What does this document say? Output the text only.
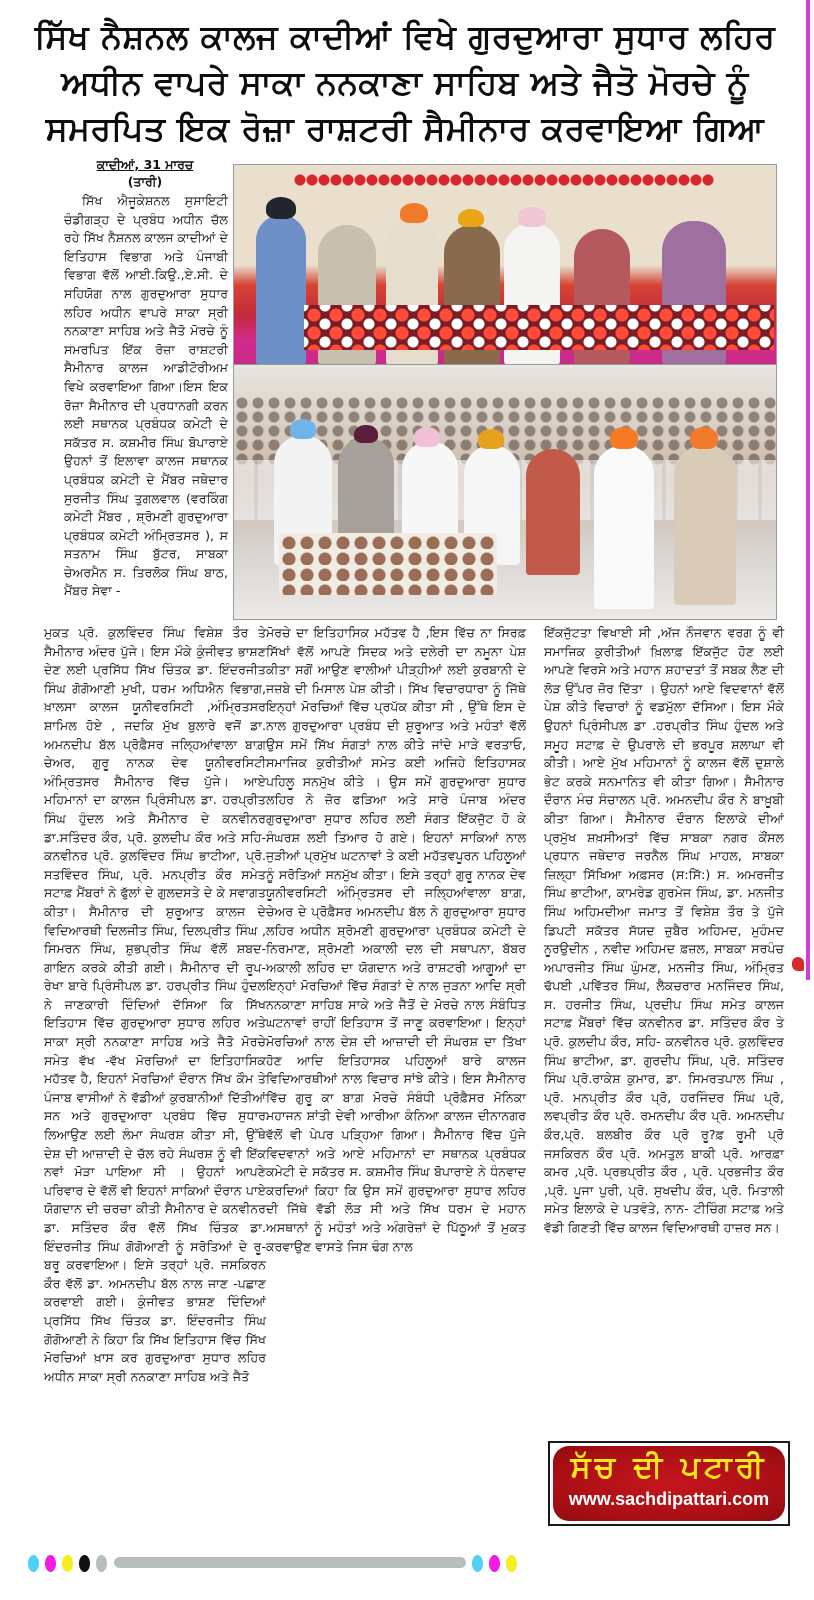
ਸਿੱਖ ਨੈਸ਼ਨਲ ਕਾਲਜ ਕਾਦੀਆਂ ਵਿਖੇ ਗੁਰਦੁਆਰਾ ਸੁਧਾਰ ਲਹਿਰ
ਅਧੀਨ ਵਾਪਰੇ ਸਾਕਾ ਨਨਕਾਣਾ ਸਾਹਿਬ ਅਤੇ ਜੈਤੋ ਮੋਰਚੇ ਨੂੰ
ਸਮਰਪਿਤ ਇਕ ਰੋਜ਼ਾ ਰਾਸ਼ਟਰੀ ਸੈਮੀਨਾਰ ਕਰਵਾਇਆ ਗਿਆ
ਕਾਦੀਆਂ, 31 ਮਾਰਚ
(ਤਾਰੀ)

ਸਿੱਖ ਐਜੂਕੇਸ਼ਨਲ ਸੁਸਾਇਟੀ ਚੰਡੀਗੜ੍ਹ ਦੇ ਪ੍ਰਬੰਧ ਅਧੀਨ ਚੱਲ ਰਹੇ ਸਿੱਖ ਨੈਸ਼ਨਲ ਕਾਲਜ ਕਾਦੀਆਂ ਦੇ ਇਤਿਹਾਸ ਵਿਭਾਗ ਅਤੇ ਪੰਜਾਬੀ ਵਿਭਾਗ ਵੱਲੋਂ ਆਈ.ਕਿਉ.,ਏ.ਸੀ. ਦੇ ਸਹਿਯੋਗ ਨਾਲ ਗੁਰਦੁਆਰਾ ਸੁਧਾਰ ਲਹਿਰ ਅਧੀਨ ਵਾਪਰੇ ਸਾਕਾ ਸ੍ਰੀ ਨਨਕਾਣਾ ਸਾਹਿਬ ਅਤੇ ਜੈਤੋ ਮੋਰਚੇ ਨੂੰ ਸਮਰਪਿਤ ਇੱਕ ਰੋਜ਼ਾ ਰਾਸ਼ਟਰੀ ਸੈਮੀਨਾਰ ਕਾਲਜ ਆਡੀਟੋਰੀਅਮ ਵਿਖੇ ਕਰਵਾਇਆ ਗਿਆ।ਇਸ ਇਕ ਰੋਜ਼ਾ ਸੈਮੀਨਾਰ ਦੀ ਪ੍ਰਧਾਨਗੀ ਕਰਨ ਲਈ ਸਥਾਨਕ ਪ੍ਰਬੰਧਕ ਕਮੇਟੀ ਦੇ ਸਕੱਤਰ ਸ. ਕਸ਼ਮੀਰ ਸਿੰਘ ਬੋਪਾਰਾਏ ਉਹਨਾਂ ਤੋਂ ਇਲਾਵਾ ਕਾਲਜ ਸਥਾਨਕ ਪ੍ਰਬੰਧਕ ਕਮੇਟੀ ਦੇ ਮੈਂਬਰ ਜਥੇਦਾਰ ਸੁਰਜੀਤ ਸਿੰਘ ਤੁਗਲਵਾਲ (ਵਰਕਿੰਗ ਕਮੇਟੀ ਮੈਂਬਰ , ਸ਼੍ਰੋਮਣੀ ਗੁਰਦੁਆਰਾ ਪ੍ਰਬੰਧਕ ਕਮੇਟੀ ਅੰਮ੍ਰਿਤਸਰ ), ਸ ਸਤਨਾਮ ਸਿੰਘ ਬੁੱਟਰ, ਸਾਬਕਾ ਚੇਅਰਮੈਨ ਸ. ਤਿਰਲੋਕ ਸਿੰਘ ਬਾਠ, ਮੈਂਬਰ ਸੇਵਾ -

ਮੁਕਤ ਪ੍ਰੋ. ਕੁਲਵਿੰਦਰ ਸਿੰਘ ਵਿਸ਼ੇਸ਼ ਤੌਰ ਤੇ ਸੈਮੀਨਾਰ ਅੰਦਰ ਪੁੱਜੇ। ਇਸ ਮੌਕੇ ਕੁੰਜੀਵਤ ਭਾਸ਼ਣ ਦੇਣ ਲਈ ਪ੍ਰਸਿੱਧ ਸਿੱਖ ਚਿੰਤਕ ਡਾ. ਇੰਦਰਜੀਤ ਸਿੰਘ ਗੋਗੋਆਣੀ ਮੁਖੀ, ਧਰਮ ਅਧਿਐਨ ਵਿਭਾਗ, ਖ਼ਾਲਸਾ ਕਾਲਜ ਯੂਨੀਵਰਸਿਟੀ ,ਅੰਮ੍ਰਿਤਸਰ ਸ਼ਾਮਿਲ ਹੋਏ , ਜਦਕਿ ਮੁੱਖ ਬੁਲਾਰੇ ਵਜੋਂ ਡਾ. ਅਮਨਦੀਪ ਬੱਲ ਪ੍ਰੋਫ਼ੈਸਰ ਜਲ੍ਹਿਆਂਵਾਲਾ ਬਾਗ਼ ਚੇਅਰ, ਗੁਰੂ ਨਾਨਕ ਦੇਵ ਯੂਨੀਵਰਸਿਟੀ ਅੰਮ੍ਰਿਤਸਰ ਸੈਮੀਨਾਰ ਵਿੱਚ ਪੁੱਜੇ। ਆਏ ਮਹਿਮਾਨਾਂ ਦਾ ਕਾਲਜ ਪ੍ਰਿੰਸੀਪਲ ਡਾ. ਹਰਪ੍ਰੀਤ ਸਿੰਘ ਹੁੰਦਲ ਅਤੇ ਸੈਮੀਨਾਰ ਦੇ ਕਨਵੀਨਰ ਡਾ.ਸਤਿੰਦਰ ਕੌਰ, ਪ੍ਰੋ. ਕੁਲਦੀਪ ਕੌਰ ਅਤੇ ਸਹਿ- ਕਨਵੀਨਰ ਪ੍ਰੋ. ਕੁਲਵਿੰਦਰ ਸਿੰਘ ਭਾਟੀਆ, ਪ੍ਰੋ. ਸਤਵਿੰਦਰ ਸਿੰਘ, ਪ੍ਰੋ. ਮਨਪ੍ਰੀਤ ਕੌਰ ਸਮੇਤ ਸਟਾਫ਼ ਮੈਂਬਰਾਂ ਨੇ ਫੁੱਲਾਂ ਦੇ ਗੁਲਦਸਤੇ ਦੇ ਕੇ ਸਵਾਗਤ ਕੀਤਾ। ਸੈਮੀਨਾਰ ਦੀ ਸ਼ੁਰੂਆਤ ਕਾਲਜ ਦੇ ਵਿਦਿਆਰਥੀ ਦਿਲਜੀਤ ਸਿੰਘ, ਦਿਲਪ੍ਰੀਤ ਸਿੰਘ , ਸਿਮਰਨ ਸਿੰਘ, ਸ਼ੁਭਪ੍ਰੀਤ ਸਿੰਘ ਵੱਲੋਂ ਸ਼ਬਦ- ਗਾਇਨ ਕਰਕੇ ਕੀਤੀ ਗਈ। ਸੈਮੀਨਾਰ ਦੀ ਰੂਪ- ਰੇਖਾ ਬਾਰੇ ਪ੍ਰਿੰਸੀਪਲ ਡਾ. ਹਰਪ੍ਰੀਤ ਸਿੰਘ ਹੁੰਦਲ ਨੇ ਜਾਣਕਾਰੀ ਦਿੰਦਿਆਂ ਦੱਸਿਆ ਕਿ ਸਿੱਖ ਇਤਿਹਾਸ ਵਿੱਚ ਗੁਰਦੁਆਰਾ ਸੁਧਾਰ ਲਹਿਰ ਅਤੇ ਸਾਕਾ ਸ੍ਰੀ ਨਨਕਾਣਾ ਸਾਹਿਬ ਅਤੇ ਜੈਤੋ ਮੋਰਚੇ ਸਮੇਤ ਵੱਖ -ਵੱਖ ਮੋਰਚਿਆਂ ਦਾ ਇਤਿਹਾਸਿਕ ਮਹੱਤਵ ਹੈ, ਇਹਨਾਂ ਮੋਰਚਿਆਂ ਦੌਰਾਨ ਸਿੱਖ ਕੌਮ ਤੇ ਪੰਜਾਬ ਵਾਸੀਆਂ ਨੇ ਵੱਡੀਆਂ ਕੁਰਬਾਨੀਆਂ ਦਿੱਤੀਆਂ ਸਨ ਅਤੇ ਗੁਰਦੁਆਰਾ ਪ੍ਰਬੰਧ ਵਿੱਚ ਸੁਧਾਰ ਲਿਆਉਣ ਲਈ ਲੰਮਾ ਸੰਘਰਸ਼ ਕੀਤਾ ਸੀ, ਉੱਥੇ ਦੇਸ਼ ਦੀ ਆਜ਼ਾਦੀ ਦੇ ਚੱਲ ਰਹੇ ਸੰਘਰਸ਼ ਨੂੰ ਵੀ ਇੱਕ ਨਵਾਂ ਮੋੜਾ ਪਾਇਆ ਸੀ । ਉਹਨਾਂ ਆਪਣੇ ਪਰਿਵਾਰ ਦੇ ਵੱਲੋਂ ਵੀ ਇਹਨਾਂ ਸਾਕਿਆਂ ਦੌਰਾਨ ਪਾਏ ਯੋਗਦਾਨ ਦੀ ਚਰਚਾ ਕੀਤੀ ਸੈਮੀਨਾਰ ਦੇ ਕਨਵੀਨਰ ਡਾ. ਸਤਿੰਦਰ ਕੌਰ ਵੱਲੋਂ ਸਿੱਖ ਚਿੰਤਕ ਡਾ. ਇੰਦਰਜੀਤ ਸਿੰਘ ਗੋਗੋਆਣੀ ਨੂੰ ਸਰੋਤਿਆਂ ਦੇ ਰੂ-ਬਰੂ ਕਰਵਾਇਆ। ਇਸੇ ਤਰ੍ਹਾਂ ਪ੍ਰੋ. ਜਸਕਿਰਨ ਕੌਰ ਵੱਲੋਂ ਡਾ. ਅਮਨਦੀਪ ਬੱਲ ਨਾਲ ਜਾਣ -ਪਛਾਣ ਕਰਵਾਈ ਗਈ। ਕੁੰਜੀਵਤ ਭਾਸ਼ਣ ਦਿੰਦਿਆਂ ਪ੍ਰਸਿੱਧ ਸਿੱਖ ਚਿੰਤਕ ਡਾ. ਇੰਦਰਜੀਤ ਸਿੰਘ ਗੋਗੋਆਣੀ ਨੇ ਕਿਹਾ ਕਿ ਸਿੱਖ ਇਤਿਹਾਸ ਵਿੱਚ ਸਿੱਖ ਮੋਰਚਿਆਂ ਖ਼ਾਸ ਕਰ ਗੁਰਦੁਆਰਾ ਸੁਧਾਰ ਲਹਿਰ ਅਧੀਨ ਸਾਕਾ ਸ੍ਰੀ ਨਨਕਾਣਾ ਸਾਹਿਬ ਅਤੇ ਜੈਤੋ

ਮੋਰਚੇ ਦਾ ਇਤਿਹਾਸਿਕ ਮਹੱਤਵ ਹੈ ,ਇਸ ਵਿੱਚ ਨਾ ਸਿਰਫ਼ ਸਿੱਖਾਂ ਵੱਲੋਂ ਆਪਣੇ ਸਿਦਕ ਅਤੇ ਦਲੇਰੀ ਦਾ ਨਮੂਨਾ ਪੇਸ਼ ਕੀਤਾ ਸਗੋਂ ਆਉਣ ਵਾਲੀਆਂ ਪੀੜ੍ਹੀਆਂ ਲਈ ਕੁਰਬਾਨੀ ਦੇ ਜਜ਼ਬੇ ਦੀ ਮਿਸਾਲ ਪੇਸ਼ ਕੀਤੀ। ਸਿੱਖ ਵਿਚਾਰਧਾਰਾ ਨੂੰ ਜਿੱਥੇ ਇਨ੍ਹਾਂ ਮੋਰਚਿਆਂ ਵਿੱਚ ਪ੍ਰਪੱਕ ਕੀਤਾ ਸੀ , ਉੱਥੇ ਇਸ ਦੇ ਨਾਲ ਗੁਰਦੁਆਰਾ ਪ੍ਰਬੰਧ ਦੀ ਸ਼ੁਰੂਆਤ ਅਤੇ ਮਹੰਤਾਂ ਵੱਲੋਂ ਉਸ ਸਮੇਂ ਸਿੱਖ ਸੰਗਤਾਂ ਨਾਲ ਕੀਤੇ ਜਾਂਦੇ ਮਾੜੇ ਵਰਤਾਓ, ਸਮਾਜਿਕ ਕੁਰੀਤੀਆਂ ਸਮੇਤ ਕਈ ਅਜਿਹੇ ਇਤਿਹਾਸਕ ਪਹਿਲੂ ਸਨਮੁੱਖ ਕੀਤੇ । ਉਸ ਸਮੇਂ ਗੁਰਦੁਆਰਾ ਸੁਧਾਰ ਲਹਿਰ ਨੇ ਜ਼ੋਰ ਫੜਿਆ ਅਤੇ ਸਾਰੇ ਪੰਜਾਬ ਅੰਦਰ ਗੁਰਦੁਆਰਾ ਸੁਧਾਰ ਲਹਿਰ ਲਈ ਸੰਗਤ ਇੱਕਜੁੱਟ ਹੋ ਕੇ ਸੰਘਰਸ਼ ਲਈ ਤਿਆਰ ਹੋ ਗਏ। ਇਹਨਾਂ ਸਾਕਿਆਂ ਨਾਲ ਜੁੜੀਆਂ ਪ੍ਰਮੁੱਖ ਘਟਨਾਵਾਂ ਤੇ ਕਈ ਮਹੱਤਵਪੂਰਨ ਪਹਿਲੂਆਂ ਨੂੰ ਸਰੋਤਿਆਂ ਸਨਮੁੱਖ ਕੀਤਾ। ਇਸੇ ਤਰ੍ਹਾਂ ਗੁਰੂ ਨਾਨਕ ਦੇਵ ਯੂਨੀਵਰਸਿਟੀ ਅੰਮ੍ਰਿਤਸਰ ਦੀ ਜਲ੍ਹਿਆਂਵਾਲਾ ਬਾਗ਼, ਚੇਅਰ ਦੇ ਪ੍ਰੋਫ਼ੈਸਰ ਅਮਨਦੀਪ ਬੱਲ ਨੇ ਗੁਰਦੁਆਰਾ ਸੁਧਾਰ ਲਹਿਰ ਅਧੀਨ ਸ਼੍ਰੋਮਣੀ ਗੁਰਦੁਆਰਾ ਪ੍ਰਬੰਧਕ ਕਮੇਟੀ ਦੇ ਨਿਰਮਾਣ, ਸ਼੍ਰੋਮਣੀ ਅਕਾਲੀ ਦਲ ਦੀ ਸਥਾਪਨਾ, ਬੱਬਰ ਅਕਾਲੀ ਲਹਿਰ ਦਾ ਯੋਗਦਾਨ ਅਤੇ ਰਾਸ਼ਟਰੀ ਆਗੂਆਂ ਦਾ ਇਨ੍ਹਾਂ ਮੋਰਚਿਆਂ ਵਿੱਚ ਸੰਗਤਾਂ ਦੇ ਨਾਲ ਜੁੜਨਾ ਆਦਿ ਸ੍ਰੀ ਨਨਕਾਣਾ ਸਾਹਿਬ ਸਾਕੇ ਅਤੇ ਜੈਤੋਂ ਦੇ ਮੋਰਚੇ ਨਾਲ ਸੰਬੰਧਿਤ ਘਟਨਾਵਾਂ ਰਾਹੀਂ ਇਤਿਹਾਸ ਤੋਂ ਜਾਣੂ ਕਰਵਾਇਆ। ਇਨ੍ਹਾਂ ਮੋਰਚਿਆਂ ਨਾਲ ਦੇਸ਼ ਦੀ ਆਜ਼ਾਦੀ ਦੀ ਸੰਘਰਸ਼ ਦਾ ਤਿੱਖਾ ਹੋਣ ਆਦਿ ਇਤਿਹਾਸਕ ਪਹਿਲੂਆਂ ਬਾਰੇ ਕਾਲਜ ਵਿਦਿਆਰਥੀਆਂ ਨਾਲ ਵਿਚਾਰ ਸਾਂਝੇ ਕੀਤੇ। ਇਸ ਸੈਮੀਨਾਰ ਵਿੱਚ ਗੁਰੂ ਕਾ ਬਾਗ਼ ਮੋਰਚੇ ਸੰਬੰਧੀ ਪ੍ਰੋਫ਼ੈਸਰ ਮੋਨਿਕਾ ਮਹਾਜਨ ਸ਼ਾਂਤੀ ਦੇਵੀ ਆਰੀਆ ਕੰਨਿਆ ਕਾਲਜ ਦੀਨਾਨਗਰ ਵੱਲੋਂ ਵੀ ਪੇਪਰ ਪੜ੍ਹਿਆ ਗਿਆ। ਸੈਮੀਨਾਰ ਵਿੱਚ ਪੁੱਜੇ ਵਿਦਵਾਨਾਂ ਅਤੇ ਆਏ ਮਹਿਮਾਨਾਂ ਦਾ ਸਥਾਨਕ ਪ੍ਰਬੰਧਕ ਕਮੇਟੀ ਦੇ ਸਕੱਤਰ ਸ. ਕਸ਼ਮੀਰ ਸਿੰਘ ਬੋਪਾਰਾਏ ਨੇ ਧੰਨਵਾਦ ਕਰਦਿਆਂ ਕਿਹਾ ਕਿ ਉਸ ਸਮੇਂ ਗੁਰਦੁਆਰਾ ਸੁਧਾਰ ਲਹਿਰ ਦੀ ਜਿੱਥੇ ਵੱਡੀ ਲੋੜ ਸੀ ਅਤੇ ਸਿੱਖ ਧਰਮ ਦੇ ਮਹਾਨ ਅਸਥਾਨਾਂ ਨੂੰ ਮਹੰਤਾਂ ਅਤੇ ਅੰਗਰੇਜ਼ਾਂ ਦੇ ਪਿੱਠੂਆਂ ਤੋਂ ਮੁਕਤ ਕਰਵਾਉਣ ਵਾਸਤੇ ਜਿਸ ਢੰਗ ਨਾਲ

ਇੱਕਜੁੱਟਤਾ ਵਿਖਾਈ ਸੀ ,ਅੱਜ ਨੌਜਵਾਨ ਵਰਗ ਨੂੰ ਵੀ ਸਮਾਜਿਕ ਕੁਰੀਤੀਆਂ ਖ਼ਿਲਾਫ਼ ਇੱਕਜੁੱਟ ਹੋਣ ਲਈ ਆਪਣੇ ਵਿਰਸੇ ਅਤੇ ਮਹਾਨ ਸ਼ਹਾਦਤਾਂ ਤੋਂ ਸਬਕ ਲੈਣ ਦੀ ਲੋੜ ਉੱਪਰ ਜ਼ੋਰ ਦਿੱਤਾ । ਉਹਨਾਂ ਆਏ ਵਿਦਵਾਨਾਂ ਵੱਲੋਂ ਪੇਸ਼ ਕੀਤੇ ਵਿਚਾਰਾਂ ਨੂੰ ਵਡਮੁੱਲਾ ਦੱਸਿਆ। ਇਸ ਮੌਕੇ ਉਹਨਾਂ ਪ੍ਰਿੰਸੀਪਲ ਡਾ .ਹਰਪ੍ਰੀਤ ਸਿੰਘ ਹੁੰਦਲ ਅਤੇ ਸਮੂਹ ਸਟਾਫ਼ ਦੇ ਉਪਰਾਲੇ ਦੀ ਭਰਪੂਰ ਸ਼ਲਾਘਾ ਵੀ ਕੀਤੀ। ਆਏ ਮੁੱਖ ਮਹਿਮਾਨਾਂ ਨੂੰ ਕਾਲਜ ਵੱਲੋਂ ਦੁਸ਼ਾਲੇ ਭੇਟ ਕਰਕੇ ਸਨਮਾਨਿਤ ਵੀ ਕੀਤਾ ਗਿਆ। ਸੈਮੀਨਾਰ ਦੌਰਾਨ ਮੰਚ ਸੰਚਾਲਨ ਪ੍ਰੋ. ਅਮਨਦੀਪ ਕੌਰ ਨੇ ਬਾਖ਼ੂਬੀ ਕੀਤਾ ਗਿਆ। ਸੈਮੀਨਾਰ ਦੌਰਾਨ ਇਲਾਕੇ ਦੀਆਂ ਪ੍ਰਮੁੱਖ ਸ਼ਖ਼ਸੀਅਤਾਂ ਵਿੱਚ ਸਾਬਕਾ ਨਗਰ ਕੌਂਸਲ ਪ੍ਰਧਾਨ ਜਥੇਦਾਰ ਜਰਨੈਲ ਸਿੰਘ ਮਾਹਲ, ਸਾਬਕਾ ਜ਼ਿਲ੍ਹਾ ਸਿੱਖਿਆ ਅਫ਼ਸਰ (ਸ:ਸਿੱ:) ਸ. ਅਮਰਜੀਤ ਸਿੰਘ ਭਾਟੀਆ, ਕਾਮਰੇਡ ਗੁਰਮੇਜ ਸਿੰਘ, ਡਾ. ਮਨਜੀਤ ਸਿੰਘ ਅਹਿਮਦੀਆ ਜਮਾਤ ਤੋਂ ਵਿਸ਼ੇਸ਼ ਤੌਰ ਤੇ ਪੁੱਜੇ ਡਿਪਟੀ ਸਕੱਤਰ ਸੱਯਦ ਜ਼ੁਬੈਰ ਅਹਿਮਦ, ਮੁਹੰਮਦ ਨੂਰਉਦੀਨ , ਨਵੀਦ ਅਹਿਮਦ ਫ਼ਜ਼ਲ, ਸਾਬਕਾ ਸਰਪੰਚ ਅਪਾਰਜੀਤ ਸਿੰਘ ਘੁੰਮਣ, ਮਨਜੀਤ ਸਿੰਘ, ਅੰਮ੍ਰਿਤ ਢੱਪਈ ,ਪਵਿੱਤਰ ਸਿੰਘ, ਲੈਕਚਰਾਰ ਮਨਜਿੰਦਰ ਸਿੰਘ, ਸ. ਹਰਜੀਤ ਸਿੰਘ, ਪ੍ਰਦੀਪ ਸਿੰਘ ਸਮੇਤ ਕਾਲਜ ਸਟਾਫ਼ ਮੈਂਬਰਾਂ ਵਿੱਚ ਕਨਵੀਨਰ ਡਾ. ਸਤਿੰਦਰ ਕੌਰ ਤੇ ਪ੍ਰੋ. ਕੁਲਦੀਪ ਕੌਰ, ਸਹਿ- ਕਨਵੀਨਰ ਪ੍ਰੋ. ਕੁਲਵਿੰਦਰ ਸਿੰਘ ਭਾਟੀਆ, ਡਾ. ਗੁਰਦੀਪ ਸਿੰਘ, ਪ੍ਰੋ. ਸਤਿੰਦਰ ਸਿੰਘ ਪ੍ਰੋ.ਰਾਕੇਸ਼ ਕੁਮਾਰ, ਡਾ. ਸਿਮਰਤਪਾਲ ਸਿੰਘ , ਪ੍ਰੋ. ਮਨਪ੍ਰੀਤ ਕੌਰ ਪ੍ਰੋ, ਹਰਜਿੰਦਰ ਸਿੰਘ ਪ੍ਰੋ, ਲਵਪ੍ਰੀਤ ਕੌਰ ਪ੍ਰੋ. ਰਮਨਦੀਪ ਕੌਰ ਪ੍ਰੋ. ਅਮਨਦੀਪ ਕੌਰ,ਪ੍ਰੋ. ਬਲਬੀਰ ਕੌਰ ਪ੍ਰੋ ਰੂ?ਫ਼ ਰੂਮੀ ਪ੍ਰੋ ਜਸਕਿਰਨ ਕੌਰ ਪ੍ਰੋ. ਅਮਤੁਲ ਬਾਕੀ ਪ੍ਰੋ. ਆਰਫ਼ਾ ਕਮਰ ,ਪ੍ਰੋ. ਪ੍ਰਭਪ੍ਰੀਤ ਕੌਰ , ਪ੍ਰੋ. ਪ੍ਰਭਜੀਤ ਕੌਰ ,ਪ੍ਰੋ. ਪੂਜਾ ਪੁਰੀ, ਪ੍ਰੋ. ਸੁਖਦੀਪ ਕੌਰ, ਪ੍ਰੋ. ਮਿਤਾਲੀ ਸਮੇਤ ਇਲਾਕੇ ਦੇ ਪਤਵੰਤੇ, ਨਾਨ- ਟੀਚਿੰਗ ਸਟਾਫ਼ ਅਤੇ ਵੱਡੀ ਗਿਣਤੀ ਵਿੱਚ ਕਾਲਜ ਵਿਦਿਆਰਥੀ ਹਾਜ਼ਰ ਸਨ।

ਸੱਚ ਦੀ ਪਟਾਰੀ
www.sachdipattari.com
